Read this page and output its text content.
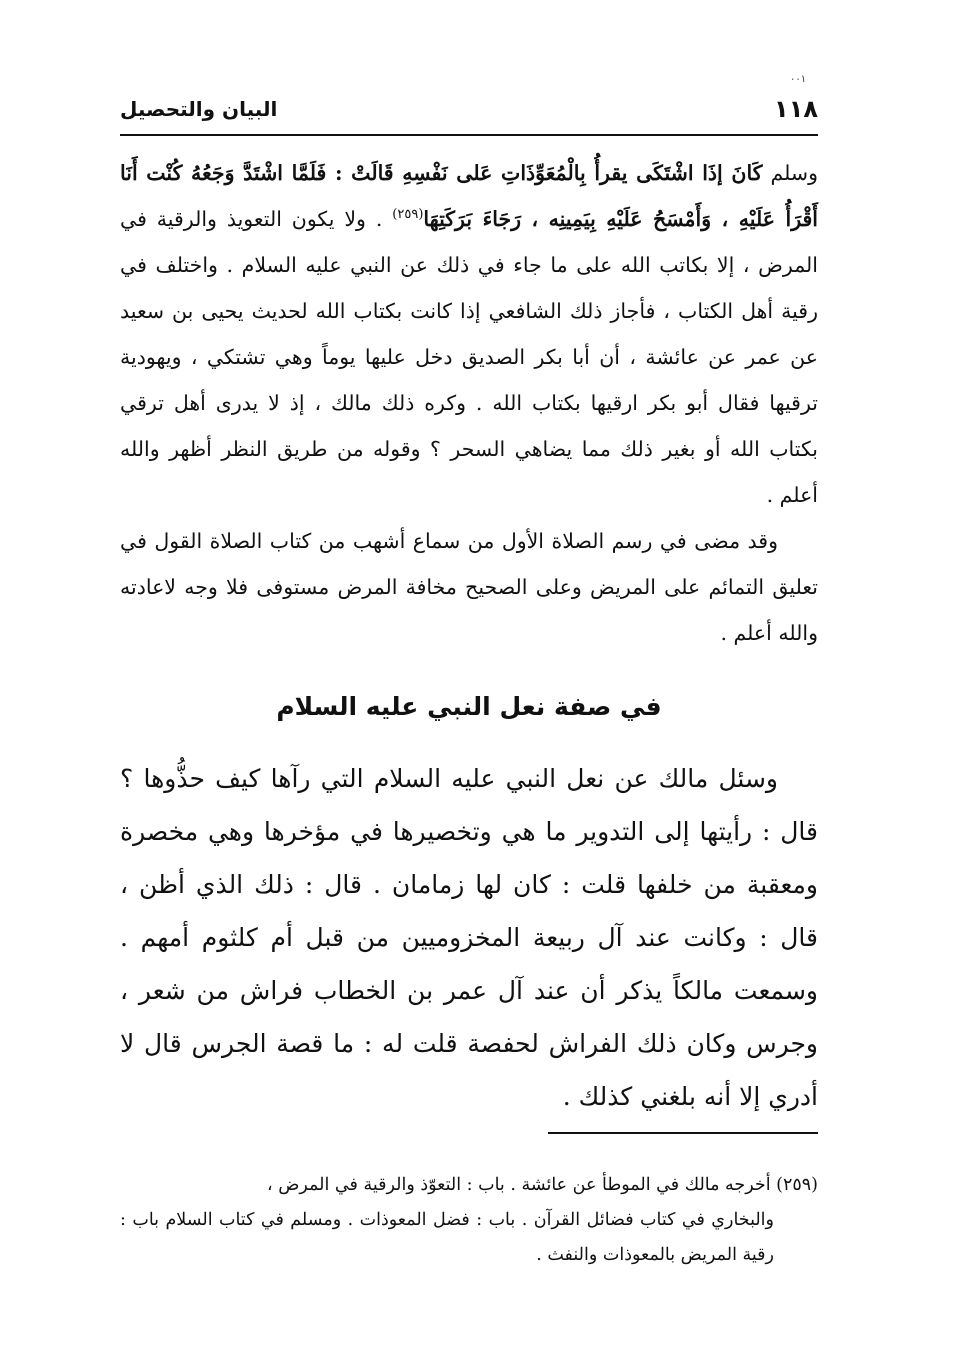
٠٠١
١١٨
البيان والتحصيل

وسلم كَانَ إذَا اشْتَكَى يقرأُ بِالْمُعَوِّذَاتِ عَلى نَفْسِهِ قَالَتْ : فَلَمَّا اشْتَدَّ وَجَعُهُ كُنْت أَنَا أَقْرَأُ عَلَيْهِ ، وَأَمْسَحُ عَلَيْهِ بِيَمِينِه ، رَجَاءَ بَرَكَتِهَا$^{(٢٥٩)}$ . ولا يكون التعويذ والرقية في المرض ، إلا بكاتب الله على ما جاء في ذلك عن النبي عليه السلام . واختلف في رقية أهل الكتاب ، فأجاز ذلك الشافعي إذا كانت بكتاب الله لحديث يحيى بن سعيد عن عمر عن عائشة ، أن أبا بكر الصديق دخل عليها يوماً وهي تشتكي ، ويهودية ترقيها فقال أبو بكر ارقيها بكتاب الله . وكره ذلك مالك ، إذ لا يدرى أهل ترقي بكتاب الله أو بغير ذلك مما يضاهي السحر ؟ وقوله من طريق النظر أظهر والله أعلم .

وقد مضى في رسم الصلاة الأول من سماع أشهب من كتاب الصلاة القول في تعليق التمائم على المريض وعلى الصحيح مخافة المرض مستوفى فلا وجه لاعادته والله أعلم .

في صفة نعل النبي عليه السلام

وسئل مالك عن نعل النبي عليه السلام التي رآها كيف حذُّوها ؟ قال : رأيتها إلى التدوير ما هي وتخصيرها في مؤخرها وهي مخصرة ومعقبة من خلفها قلت : كان لها زمامان . قال : ذلك الذي أظن ، قال : وكانت عند آل ربيعة المخزوميين من قبل أم كلثوم أمهم . وسمعت مالكاً يذكر أن عند آل عمر بن الخطاب فراش من شعر ، وجرس وكان ذلك الفراش لحفصة قلت له : ما قصة الجرس قال لا أدري إلا أنه بلغني كذلك .

(٢٥٩) أخرجه مالك في الموطأ عن عائشة . باب : التعوّذ والرقية في المرض ،
والبخاري في كتاب فضائل القرآن . باب : فضل المعوذات . ومسلم في كتاب السلام باب : رقية المريض بالمعوذات والنفث .
